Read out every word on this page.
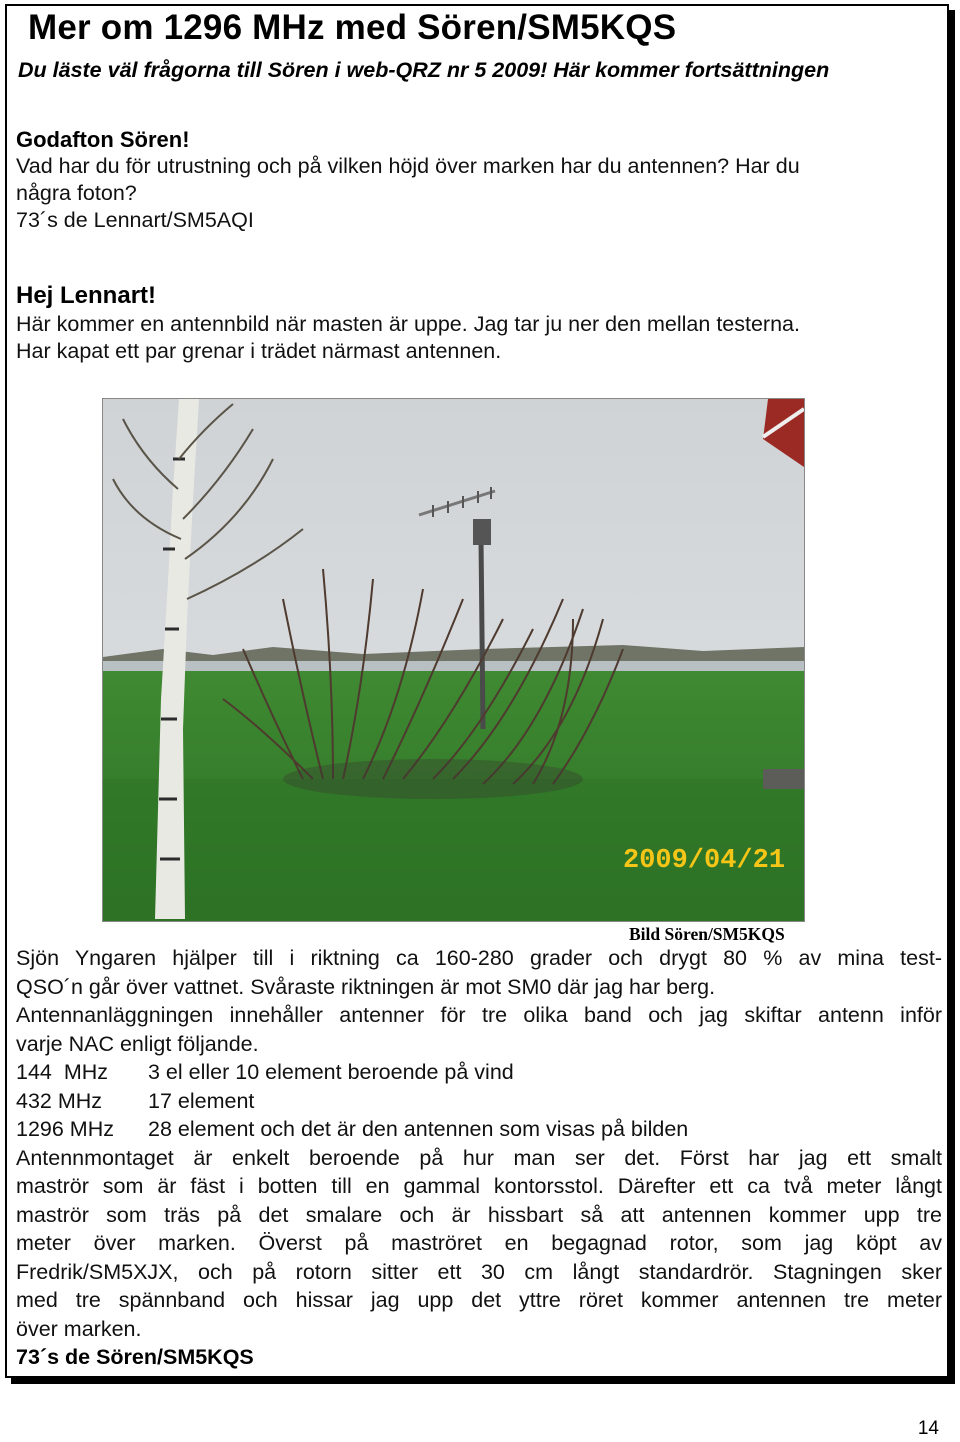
Mer om 1296 MHz med Sören/SM5KQS
Du läste väl frågorna till Sören i web-QRZ nr 5 2009! Här kommer fortsättningen
Godafton Sören!
Vad har du för utrustning och på vilken höjd över marken har du antennen? Har du
några foton?
73´s de Lennart/SM5AQI
Hej Lennart!
Här kommer en antennbild när masten är uppe. Jag tar ju ner den mellan testerna.
Har kapat ett par grenar i trädet närmast antennen.
2009/04/21
Bild Sören/SM5KQS
Sjön Yngaren hjälper till i riktning ca 160-280 grader och drygt 80 % av mina test-
QSO´n går över vattnet. Svåraste riktningen är mot SM0 där jag har berg.
Antennanläggningen innehåller antenner för tre olika band och jag skiftar antenn inför
varje NAC enligt följande.
144  MHz	3 el eller 10 element beroende på vind
432 MHz	17 element
1296 MHz	28 element och det är den antennen som visas på bilden
Antennmontaget är enkelt beroende på hur man ser det. Först har jag ett smalt
maströr som är fäst i botten till en gammal kontorsstol. Därefter ett ca två meter långt
maströr som träs på det smalare och är hissbart så att antennen kommer upp tre
meter över marken. Överst på maströret en begagnad rotor, som jag köpt av
Fredrik/SM5XJX, och på rotorn sitter ett 30 cm långt standardrör. Stagningen sker
med tre spännband och hissar jag upp det yttre röret kommer antennen tre meter
över marken.
73´s de Sören/SM5KQS
14
